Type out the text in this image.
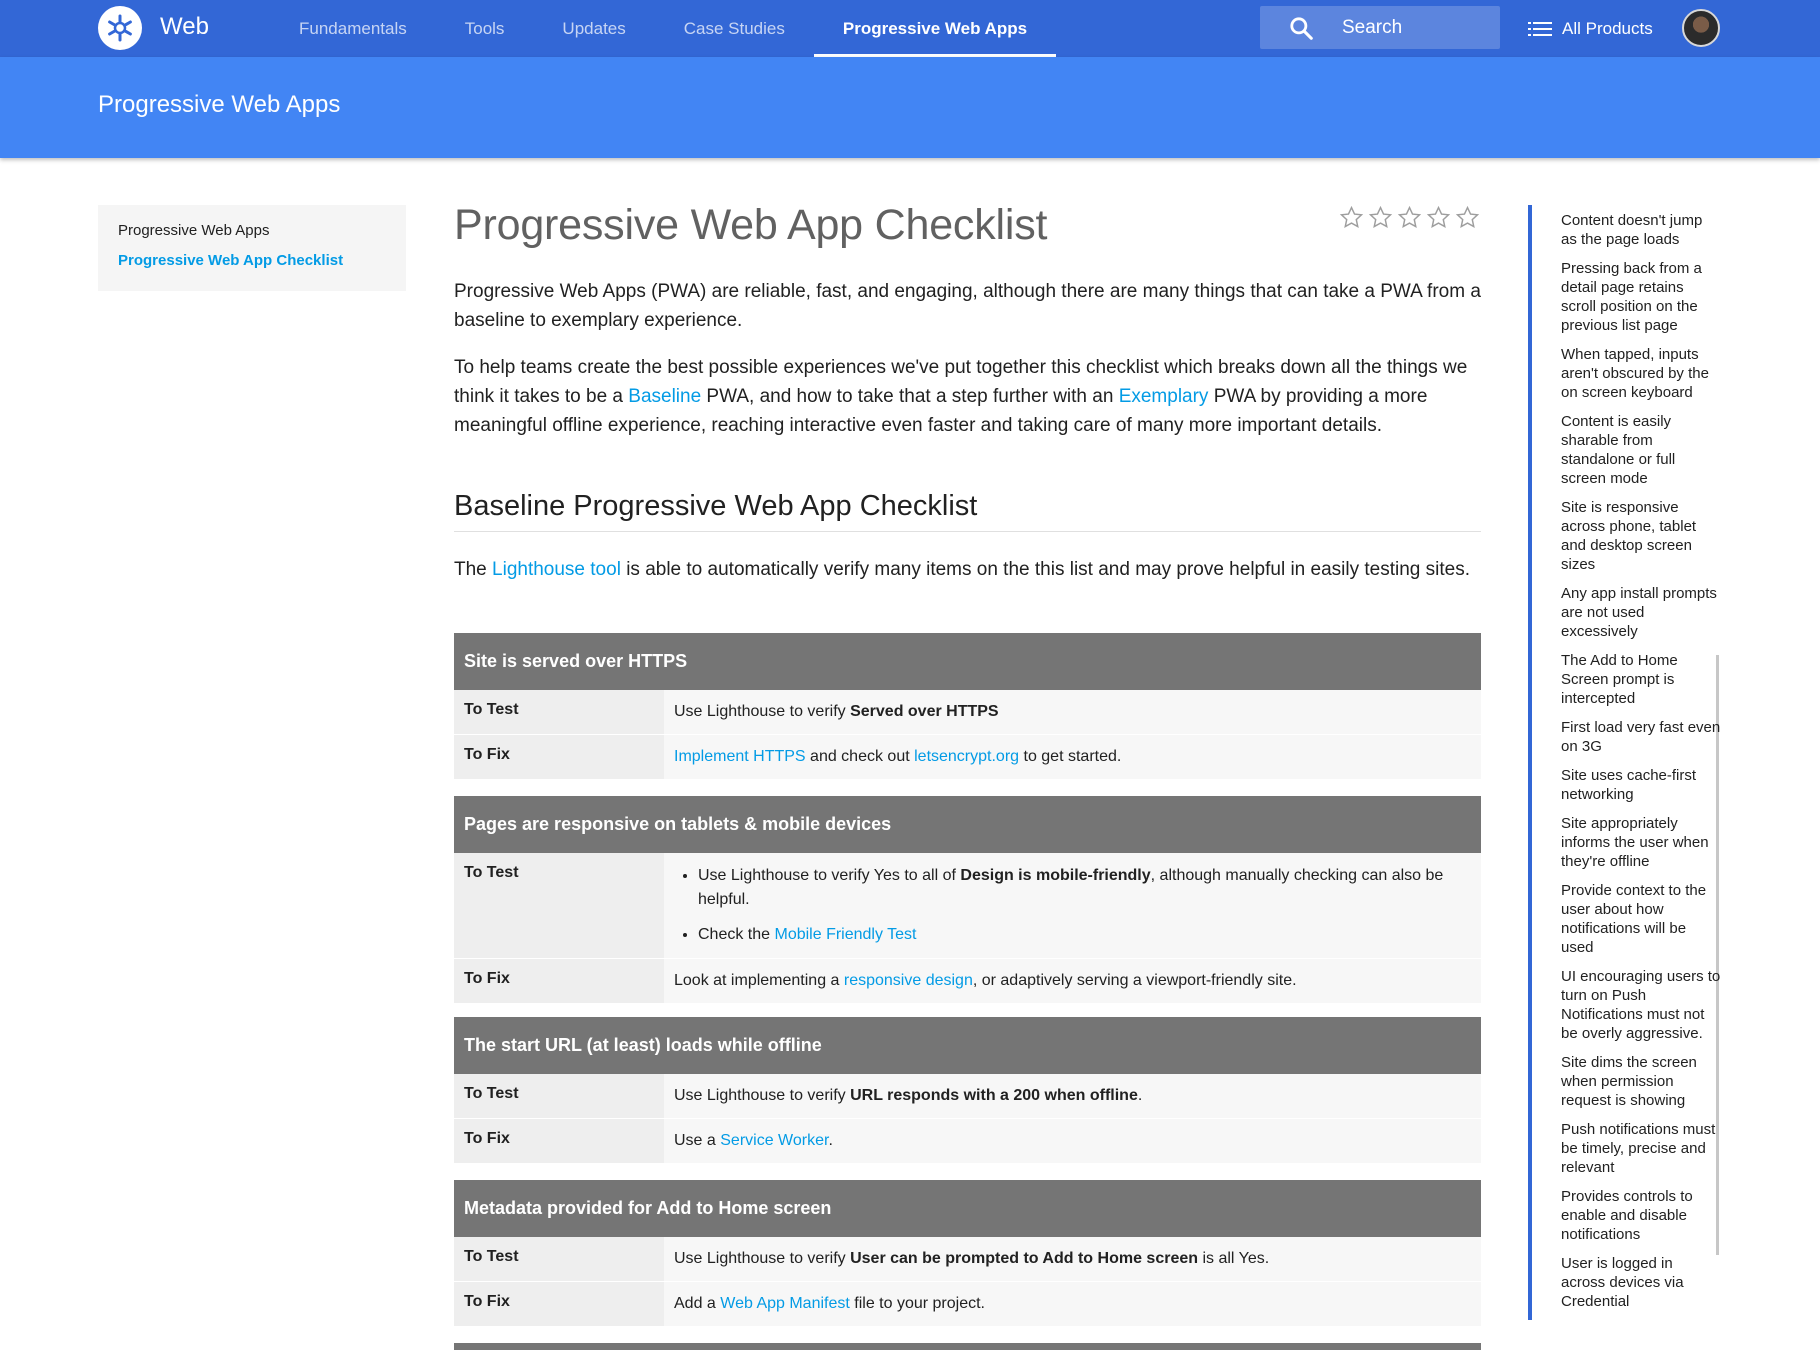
Web	Fundamentals	Tools	Updates	Case Studies	Progressive Web Apps	Search	All Products
Progressive Web Apps
Progressive Web Apps
Progressive Web App Checklist
Progressive Web App Checklist

Progressive Web Apps (PWA) are reliable, fast, and engaging, although there are many things that can take a PWA from a baseline to exemplary experience.

To help teams create the best possible experiences we've put together this checklist which breaks down all the things we think it takes to be a Baseline PWA, and how to take that a step further with an Exemplary PWA by providing a more meaningful offline experience, reaching interactive even faster and taking care of many more important details.

Baseline Progressive Web App Checklist

The Lighthouse tool is able to automatically verify many items on the this list and may prove helpful in easily testing sites.

Site is served over HTTPS
To Test	Use Lighthouse to verify Served over HTTPS
To Fix	Implement HTTPS and check out letsencrypt.org to get started.
Pages are responsive on tablets & mobile devices
To Test
•	Use Lighthouse to verify Yes to all of Design is mobile-friendly, although manually checking can also be helpful.
• Check the Mobile Friendly Test
To Fix	Look at implementing a responsive design, or adaptively serving a viewport-friendly site.
The start URL (at least) loads while offline
To Test	Use Lighthouse to verify URL responds with a 200 when offline.
To Fix	Use a Service Worker.
Metadata provided for Add to Home screen
To Test	Use Lighthouse to verify User can be prompted to Add to Home screen is all Yes.
To Fix	Add a Web App Manifest file to your project.
Content doesn't jump as the page loads
Pressing back from a detail page retains scroll position on the previous list page
When tapped, inputs aren't obscured by the on screen keyboard
Content is easily sharable from standalone or full screen mode
Site is responsive across phone, tablet and desktop screen sizes
Any app install prompts are not used excessively
The Add to Home Screen prompt is intercepted
First load very fast even on 3G
Site uses cache-first networking
Site appropriately informs the user when they're offline
Provide context to the user about how notifications will be used
UI encouraging users to turn on Push Notifications must not be overly aggressive.
Site dims the screen when permission request is showing
Push notifications must be timely, precise and relevant
Provides controls to enable and disable notifications
User is logged in across devices via Credential
